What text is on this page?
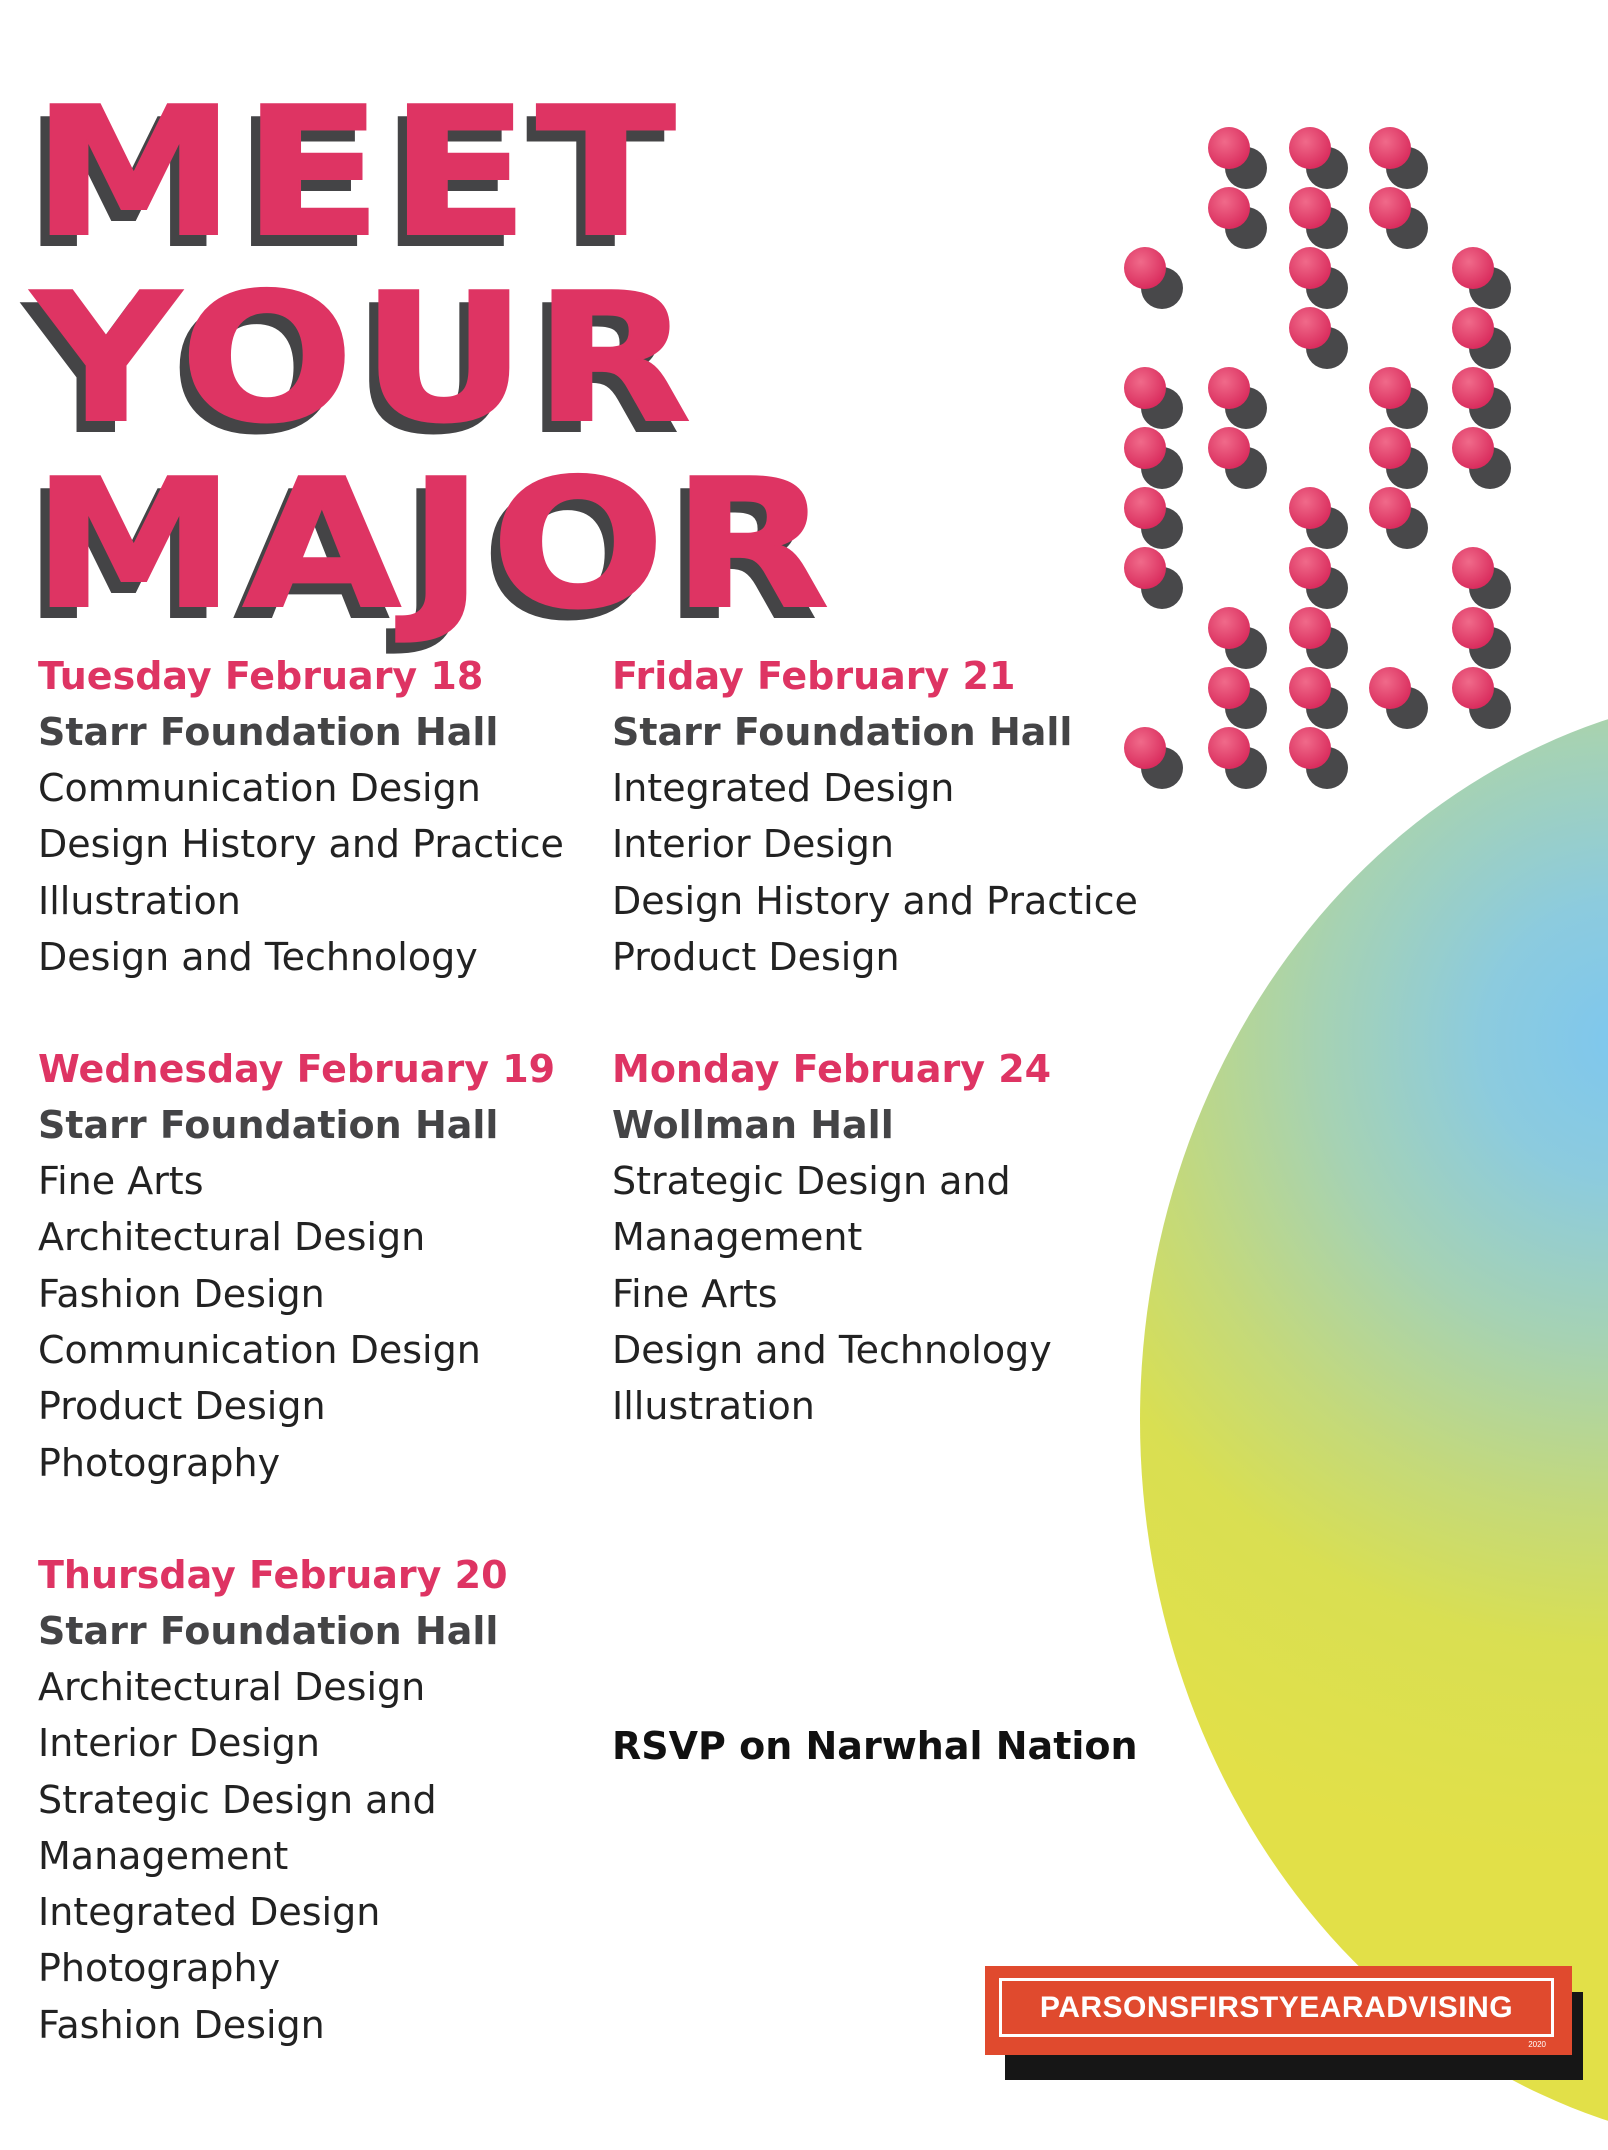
MEET
YOUR
MAJOR
Tuesday February 18
Starr Foundation Hall
Communication Design
Design History and Practice
Illustration
Design and Technology
Wednesday February 19
Starr Foundation Hall
Fine Arts
Architectural Design
Fashion Design
Communication Design
Product Design
Photography
Thursday February 20
Starr Foundation Hall
Architectural Design
Interior Design
Strategic Design and
Management
Integrated Design
Photography
Fashion Design
Friday February 21
Starr Foundation Hall
Integrated Design
Interior Design
Design History and Practice
Product Design
Monday February 24
Wollman Hall
Strategic Design and
Management
Fine Arts
Design and Technology
Illustration
RSVP on Narwhal Nation
PARSONSFIRSTYEARADVISING
2020
